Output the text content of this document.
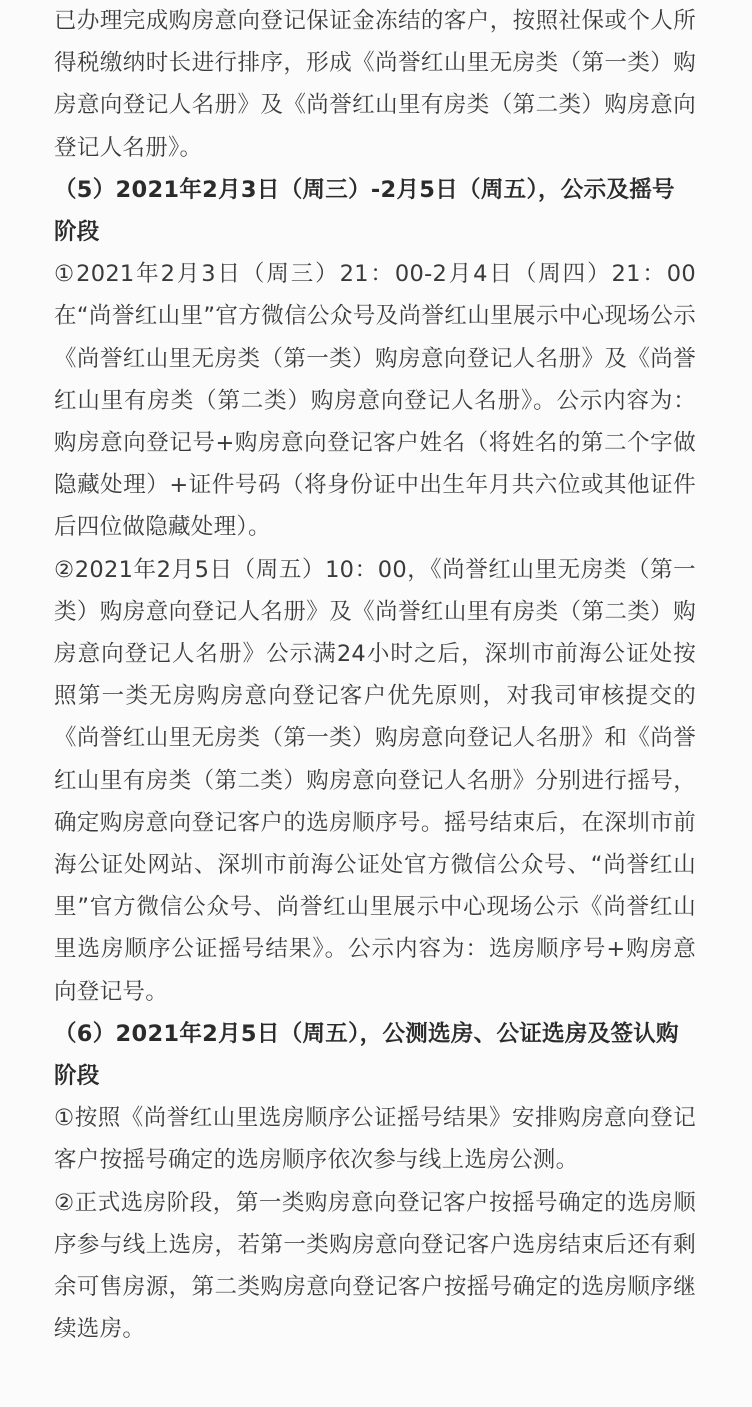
已办理完成购房意向登记保证金冻结的客户，按照社保或个人所得税缴纳时长进行排序，形成《尚誉红山里无房类（第一类）购房意向登记人名册》及《尚誉红山里有房类（第二类）购房意向登记人名册》。

（5）2021年2月3日（周三）-2月5日（周五），公示及摇号阶段

①2021年2月3日（周三）21：00-2月4日（周四）21：00在“尚誉红山里”官方微信公众号及尚誉红山里展示中心现场公示《尚誉红山里无房类（第一类）购房意向登记人名册》及《尚誉红山里有房类（第二类）购房意向登记人名册》。公示内容为：购房意向登记号+购房意向登记客户姓名（将姓名的第二个字做隐藏处理）+证件号码（将身份证中出生年月共六位或其他证件后四位做隐藏处理）。

②2021年2月5日（周五）10：00，《尚誉红山里无房类（第一类）购房意向登记人名册》及《尚誉红山里有房类（第二类）购房意向登记人名册》公示满24小时之后，深圳市前海公证处按照第一类无房购房意向登记客户优先原则，对我司审核提交的《尚誉红山里无房类（第一类）购房意向登记人名册》和《尚誉红山里有房类（第二类）购房意向登记人名册》分别进行摇号，确定购房意向登记客户的选房顺序号。摇号结束后，在深圳市前海公证处网站、深圳市前海公证处官方微信公众号、“尚誉红山里”官方微信公众号、尚誉红山里展示中心现场公示《尚誉红山里选房顺序公证摇号结果》。公示内容为：选房顺序号+购房意向登记号。

（6）2021年2月5日（周五），公测选房、公证选房及签认购阶段

①按照《尚誉红山里选房顺序公证摇号结果》安排购房意向登记客户按摇号确定的选房顺序依次参与线上选房公测。

②正式选房阶段，第一类购房意向登记客户按摇号确定的选房顺序参与线上选房，若第一类购房意向登记客户选房结束后还有剩余可售房源，第二类购房意向登记客户按摇号确定的选房顺序继续选房。
